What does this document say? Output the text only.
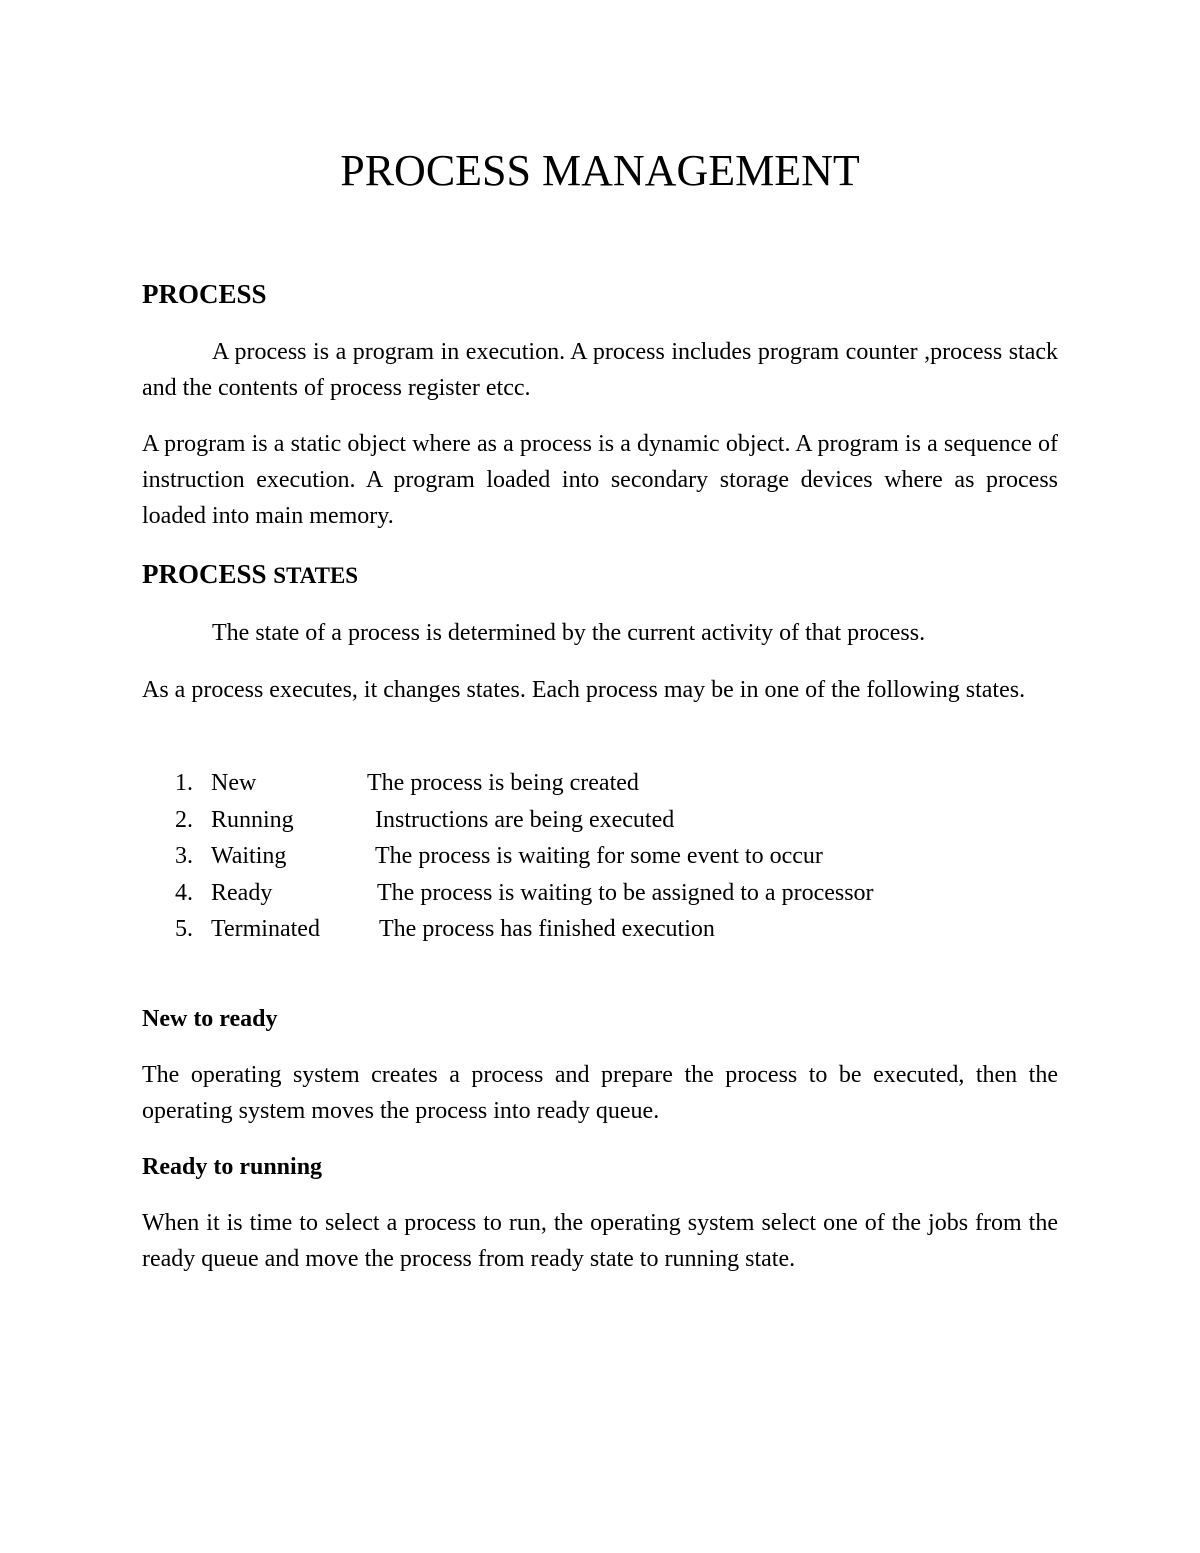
PROCESS MANAGEMENT
PROCESS

A process is a program in execution. A process includes program counter ,process stack and the contents of process register etcc.

A program is a static object where as a process is a dynamic object. A program is a sequence of instruction execution. A program loaded into secondary storage devices where as process loaded into main memory.

PROCESS STATES

The state of a process is determined by the current activity of that process.

As a process executes, it changes states. Each process may be in one of the following states.

1. New	The process is being created
2. Running	Instructions are being executed
3. Waiting	The process is waiting for some event to occur
4. Ready	The process is waiting to be assigned to a processor
5. Terminated The process has finished execution
New to ready

The operating system creates a process and prepare the process to be executed, then the operating system moves the process into ready queue.

Ready to running

When it is time to select a process to run, the operating system select one of the jobs from the ready queue and move the process from ready state to running state.
